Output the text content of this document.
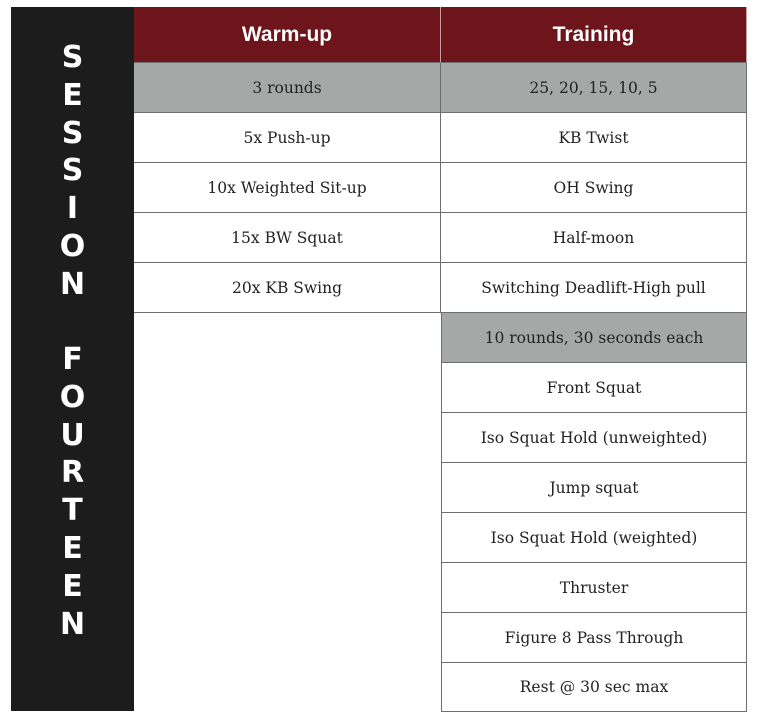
S
E
S
S
I
O
N
F
O
U
R
T
E
E
N
Warm-up
3 rounds
5x Push-up
10x Weighted Sit-up
15x BW Squat
20x KB Swing
Training
25, 20, 15, 10, 5
KB Twist
OH Swing
Half-moon
Switching Deadlift-High pull
10 rounds, 30 seconds each
Front Squat
Iso Squat Hold (unweighted)
Jump squat
Iso Squat Hold (weighted)
Thruster
Figure 8 Pass Through
Rest @ 30 sec max
